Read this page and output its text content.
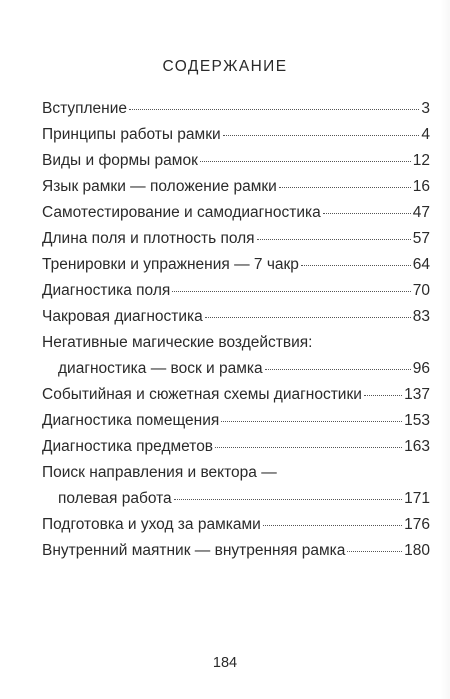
СОДЕРЖАНИЕ
Вступление	3
Принципы работы рамки	4
Виды и формы рамок	12
Язык рамки — положение рамки	16
Самотестирование и самодиагностика	47
Длина поля и плотность поля	57
Тренировки и упражнения — 7 чакр	64
Диагностика поля	70
Чакровая диагностика	83
Негативные магические воздействия:
диагностика — воск и рамка	96
Событийная и сюжетная схемы диагностики	137
Диагностика помещения	153
Диагностика предметов	163
Поиск направления и вектора —
полевая работа	171
Подготовка и уход за рамками	176
Внутренний маятник — внутренняя рамка	180
184
